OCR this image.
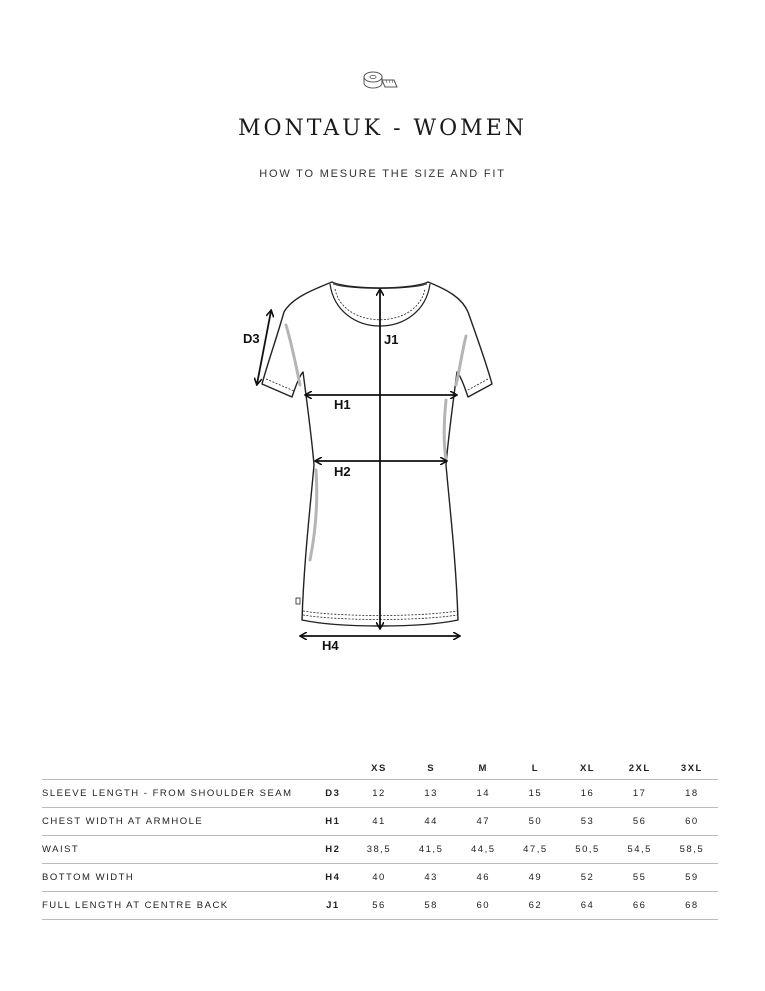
MONTAUK - WOMEN
HOW TO MESURE THE SIZE AND FIT
D3	J1
H1
H2
H4
		XS	S	M	L	XL	2XL	3XL
SLEEVE LENGTH - FROM SHOULDER SEAM	D3	12	13	14	15	16	17	18
CHEST WIDTH AT ARMHOLE	H1	41	44	47	50	53	56	60
WAIST	H2	38,5	41,5	44,5	47,5	50,5	54,5	58,5
BOTTOM WIDTH	H4	40	43	46	49	52	55	59
FULL LENGTH AT CENTRE BACK	J1	56	58	60	62	64	66	68
